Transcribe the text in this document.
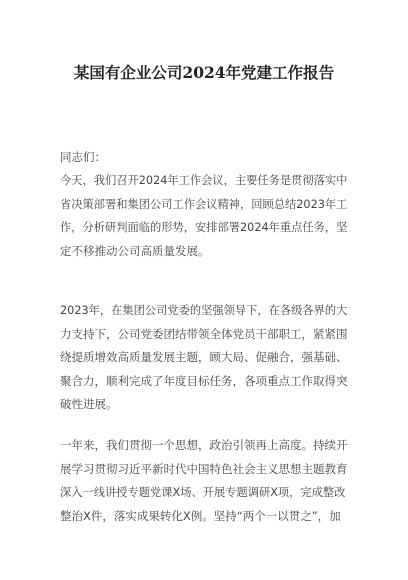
某国有企业公司2024年党建工作报告
同志们：
今天，我们召开2024年工作会议，主要任务是贯彻落实中
省决策部署和集团公司工作会议精神，回顾总结2023年工
作，分析研判面临的形势，安排部署2024年重点任务，坚
定不移推动公司高质量发展。
2023年，在集团公司党委的坚强领导下，在各级各界的大
力支持下，公司党委团结带领全体党员干部职工，紧紧围
绕提质增效高质量发展主题，顾大局、促融合，强基础、
聚合力，顺利完成了年度目标任务，各项重点工作取得突
破性进展。
一年来，我们贯彻一个思想，政治引领再上高度。持续开
展学习贯彻习近平新时代中国特色社会主义思想主题教育
深入一线讲授专题党课X场、开展专题调研X项，完成整改
整治X件，落实成果转化X例。坚持“两个一以贯之”，加
